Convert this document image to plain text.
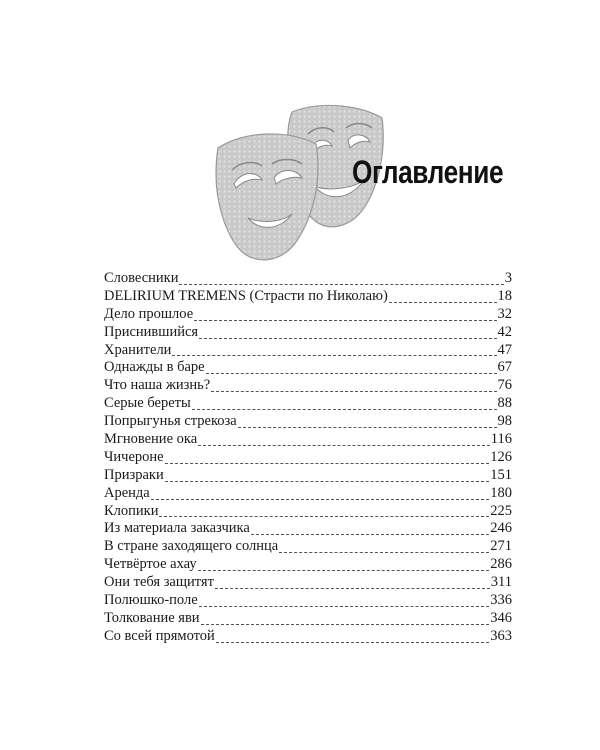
Оглавление
Словесники	3
DELIRIUM TREMENS (Страсти по Николаю)	18
Дело прошлое	32
Приснившийся	42
Хранители	47
Однажды в баре	67
Что наша жизнь?	76
Серые береты	88
Попрыгунья стрекоза	98
Мгновение ока	116
Чичероне	126
Призраки	151
Аренда	180
Клопики	225
Из материала заказчика	246
В стране заходящего солнца	271
Четвёртое ахау	286
Они тебя защитят	311
Полюшко-поле	336
Толкование яви	346
Со всей прямотой	363
